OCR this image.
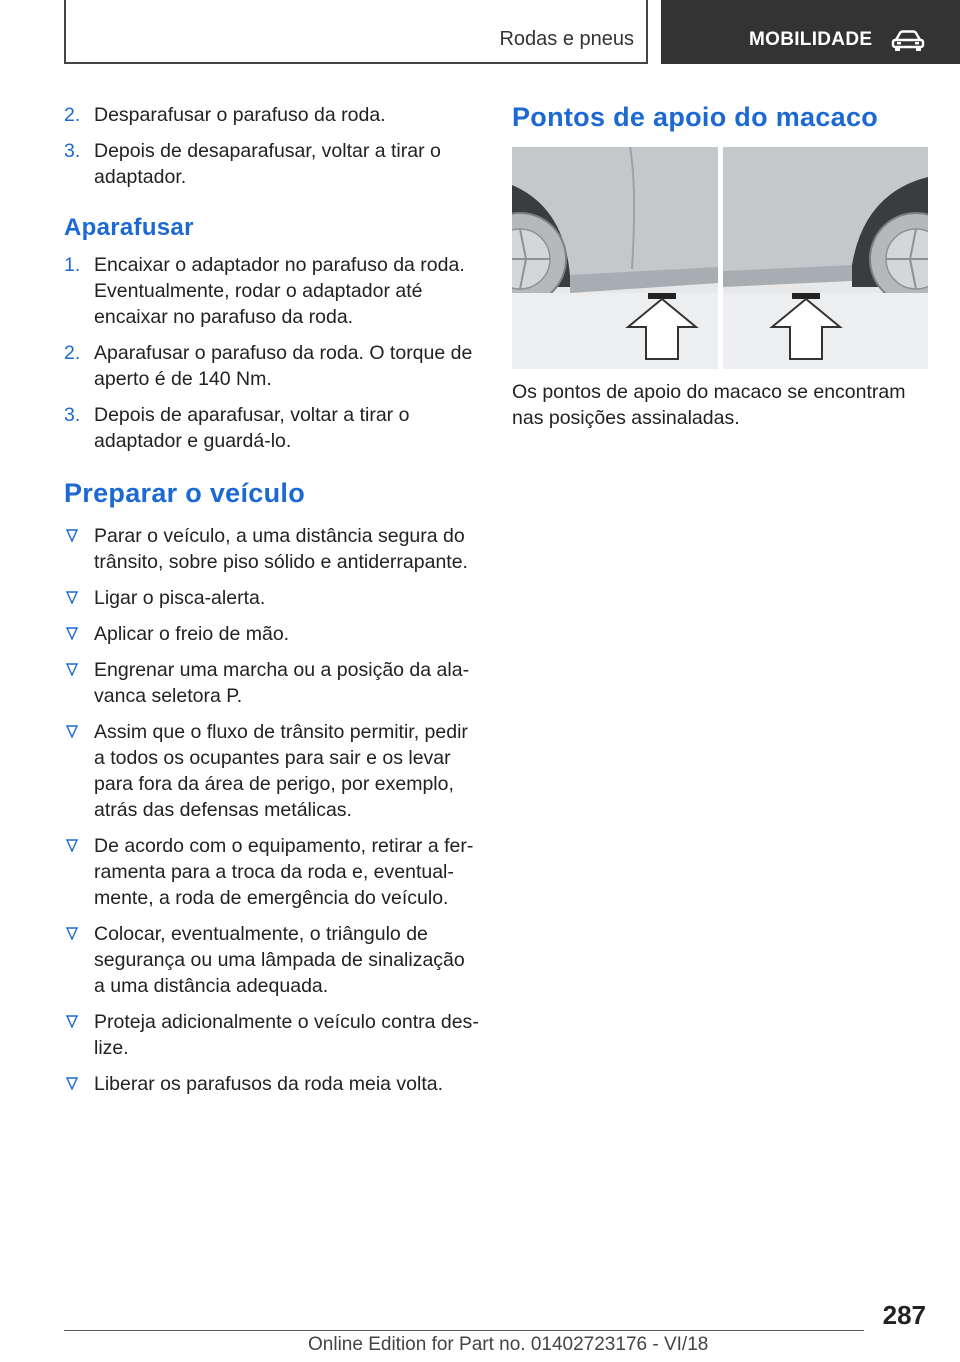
Rodas e pneus	MOBILIDADE
2. Desparafusar o parafuso da roda.
3. Depois de desaparafusar, voltar a tirar o adaptador.
Aparafusar
1. Encaixar o adaptador no parafuso da roda. Eventualmente, rodar o adaptador até encaixar no parafuso da roda.
2. Aparafusar o parafuso da roda. O torque de aperto é de 140 Nm.
3. Depois de aparafusar, voltar a tirar o adaptador e guardá-lo.
Preparar o veículo
Parar o veículo, a uma distância segura do trânsito, sobre piso sólido e antiderrapante.
Ligar o pisca-alerta.
Aplicar o freio de mão.
Engrenar uma marcha ou a posição da alavanca seletora P.
Assim que o fluxo de trânsito permitir, pedir a todos os ocupantes para sair e os levar para fora da área de perigo, por exemplo, atrás das defensas metálicas.
De acordo com o equipamento, retirar a ferramenta para a troca da roda e, eventualmente, a roda de emergência do veículo.
Colocar, eventualmente, o triângulo de segurança ou uma lâmpada de sinalização a uma distância adequada.
Proteja adicionalmente o veículo contra deslize.
Liberar os parafusos da roda meia volta.
Pontos de apoio do macaco
Os pontos de apoio do macaco se encontram nas posições assinaladas.
287
Online Edition for Part no. 01402723176 - VI/18
